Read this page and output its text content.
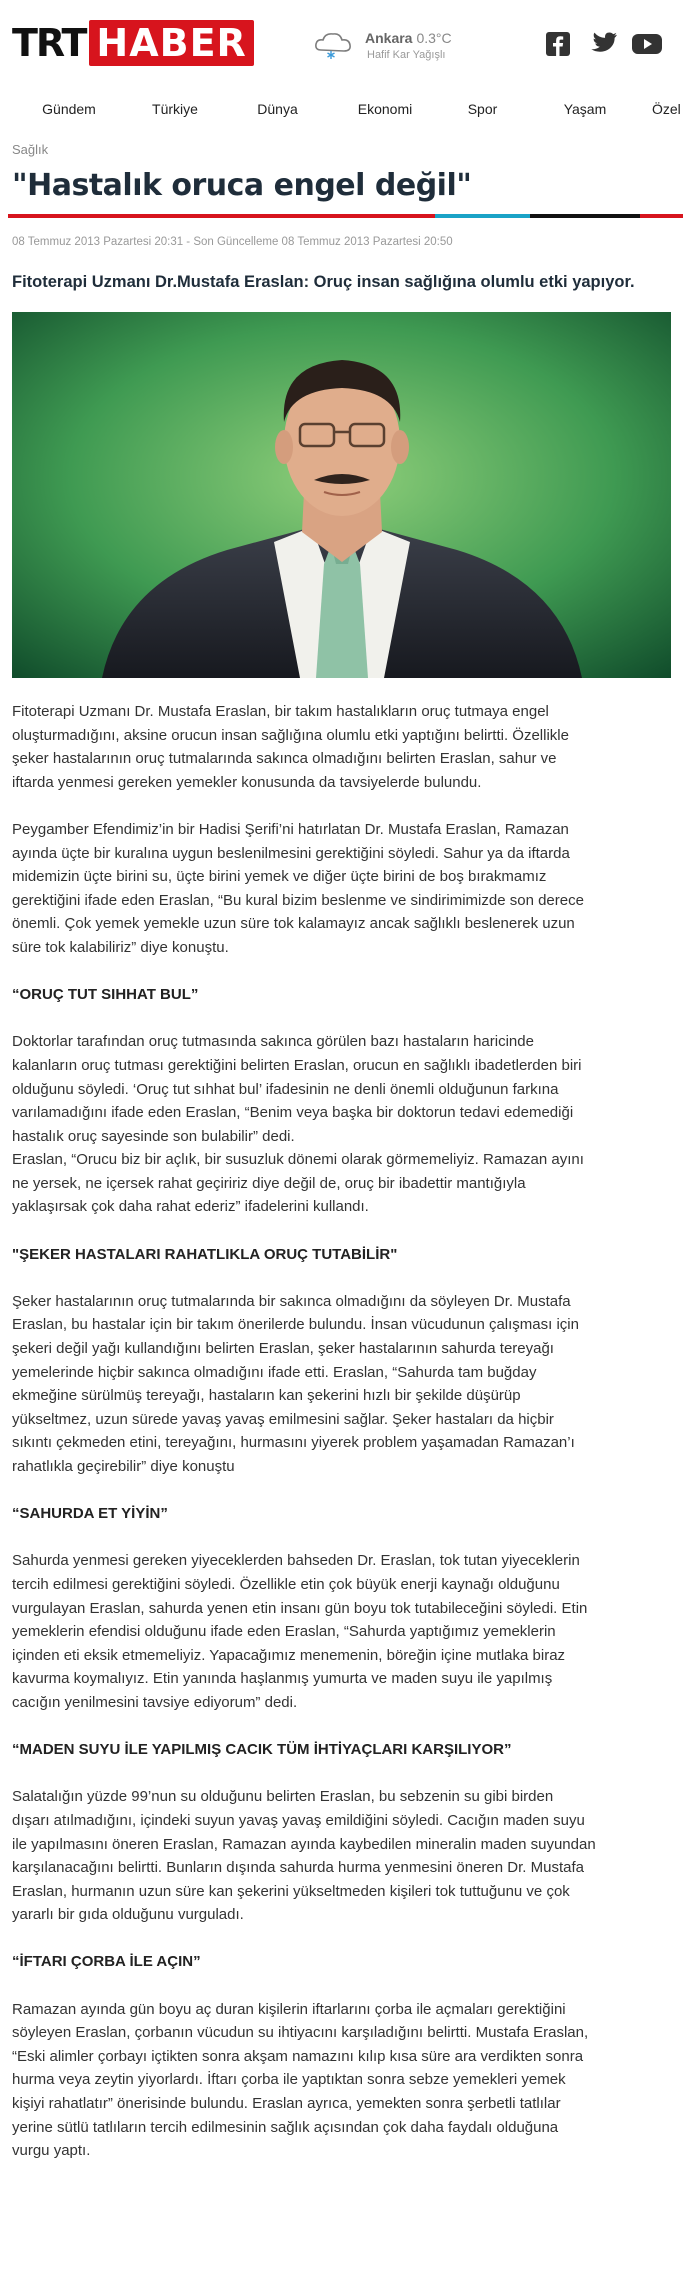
TRT HABER	Ankara 0.3°C
Hafif Kar Yağışlı
Gündem	Türkiye	Dünya	Ekonomi	Spor	Yaşam	Özel
Sağlık
"Hastalık oruca engel değil"
08 Temmuz 2013 Pazartesi 20:31 - Son Güncelleme 08 Temmuz 2013 Pazartesi 20:50
Fitoterapi Uzmanı Dr.Mustafa Eraslan: Oruç insan sağlığına olumlu etki yapıyor.

Fitoterapi Uzmanı Dr. Mustafa Eraslan, bir takım hastalıkların oruç tutmaya engel
oluşturmadığını, aksine orucun insan sağlığına olumlu etki yaptığını belirtti. Özellikle
şeker hastalarının oruç tutmalarında sakınca olmadığını belirten Eraslan, sahur ve
iftarda yenmesi gereken yemekler konusunda da tavsiyelerde bulundu.

Peygamber Efendimiz’in bir Hadisi Şerifi’ni hatırlatan Dr. Mustafa Eraslan, Ramazan
ayında üçte bir kuralına uygun beslenilmesini gerektiğini söyledi. Sahur ya da iftarda
midemizin üçte birini su, üçte birini yemek ve diğer üçte birini de boş bırakmamız
gerektiğini ifade eden Eraslan, “Bu kural bizim beslenme ve sindirimimizde son derece
önemli. Çok yemek yemekle uzun süre tok kalamayız ancak sağlıklı beslenerek uzun
süre tok kalabiliriz” diye konuştu.

“ORUÇ TUT SIHHAT BUL”

Doktorlar tarafından oruç tutmasında sakınca görülen bazı hastaların haricinde
kalanların oruç tutması gerektiğini belirten Eraslan, orucun en sağlıklı ibadetlerden biri
olduğunu söyledi. ‘Oruç tut sıhhat bul’ ifadesinin ne denli önemli olduğunun farkına
varılamadığını ifade eden Eraslan, “Benim veya başka bir doktorun tedavi edemediği
hastalık oruç sayesinde son bulabilir” dedi.
Eraslan, “Orucu biz bir açlık, bir susuzluk dönemi olarak görmemeliyiz. Ramazan ayını
ne yersek, ne içersek rahat geçiririz diye değil de, oruç bir ibadettir mantığıyla
yaklaşırsak çok daha rahat ederiz” ifadelerini kullandı.

"ŞEKER HASTALARI RAHATLIKLA ORUÇ TUTABİLİR"

Şeker hastalarının oruç tutmalarında bir sakınca olmadığını da söyleyen Dr. Mustafa
Eraslan, bu hastalar için bir takım önerilerde bulundu. İnsan vücudunun çalışması için
şekeri değil yağı kullandığını belirten Eraslan, şeker hastalarının sahurda tereyağı
yemelerinde hiçbir sakınca olmadığını ifade etti. Eraslan, “Sahurda tam buğday
ekmeğine sürülmüş tereyağı, hastaların kan şekerini hızlı bir şekilde düşürüp
yükseltmez, uzun sürede yavaş yavaş emilmesini sağlar. Şeker hastaları da hiçbir
sıkıntı çekmeden etini, tereyağını, hurmasını yiyerek problem yaşamadan Ramazan’ı
rahatlıkla geçirebilir” diye konuştu

“SAHURDA ET YİYİN”

Sahurda yenmesi gereken yiyeceklerden bahseden Dr. Eraslan, tok tutan yiyeceklerin
tercih edilmesi gerektiğini söyledi. Özellikle etin çok büyük enerji kaynağı olduğunu
vurgulayan Eraslan, sahurda yenen etin insanı gün boyu tok tutabileceğini söyledi. Etin
yemeklerin efendisi olduğunu ifade eden Eraslan, “Sahurda yaptığımız yemeklerin
içinden eti eksik etmemeliyiz. Yapacağımız menemenin, böreğin içine mutlaka biraz
kavurma koymalıyız. Etin yanında haşlanmış yumurta ve maden suyu ile yapılmış
cacığın yenilmesini tavsiye ediyorum” dedi.

“MADEN SUYU İLE YAPILMIŞ CACIK TÜM İHTİYAÇLARI KARŞILIYOR”

Salatalığın yüzde 99’nun su olduğunu belirten Eraslan, bu sebzenin su gibi birden
dışarı atılmadığını, içindeki suyun yavaş yavaş emildiğini söyledi. Cacığın maden suyu
ile yapılmasını öneren Eraslan, Ramazan ayında kaybedilen mineralin maden suyundan
karşılanacağını belirtti. Bunların dışında sahurda hurma yenmesini öneren Dr. Mustafa
Eraslan, hurmanın uzun süre kan şekerini yükseltmeden kişileri tok tuttuğunu ve çok
yararlı bir gıda olduğunu vurguladı.

“İFTARI ÇORBA İLE AÇIN”

Ramazan ayında gün boyu aç duran kişilerin iftarlarını çorba ile açmaları gerektiğini
söyleyen Eraslan, çorbanın vücudun su ihtiyacını karşıladığını belirtti. Mustafa Eraslan,
“Eski alimler çorbayı içtikten sonra akşam namazını kılıp kısa süre ara verdikten sonra
hurma veya zeytin yiyorlardı. İftarı çorba ile yaptıktan sonra sebze yemekleri yemek
kişiyi rahatlatır” önerisinde bulundu. Eraslan ayrıca, yemekten sonra şerbetli tatlılar
yerine sütlü tatlıların tercih edilmesinin sağlık açısından çok daha faydalı olduğuna
vurgu yaptı.
